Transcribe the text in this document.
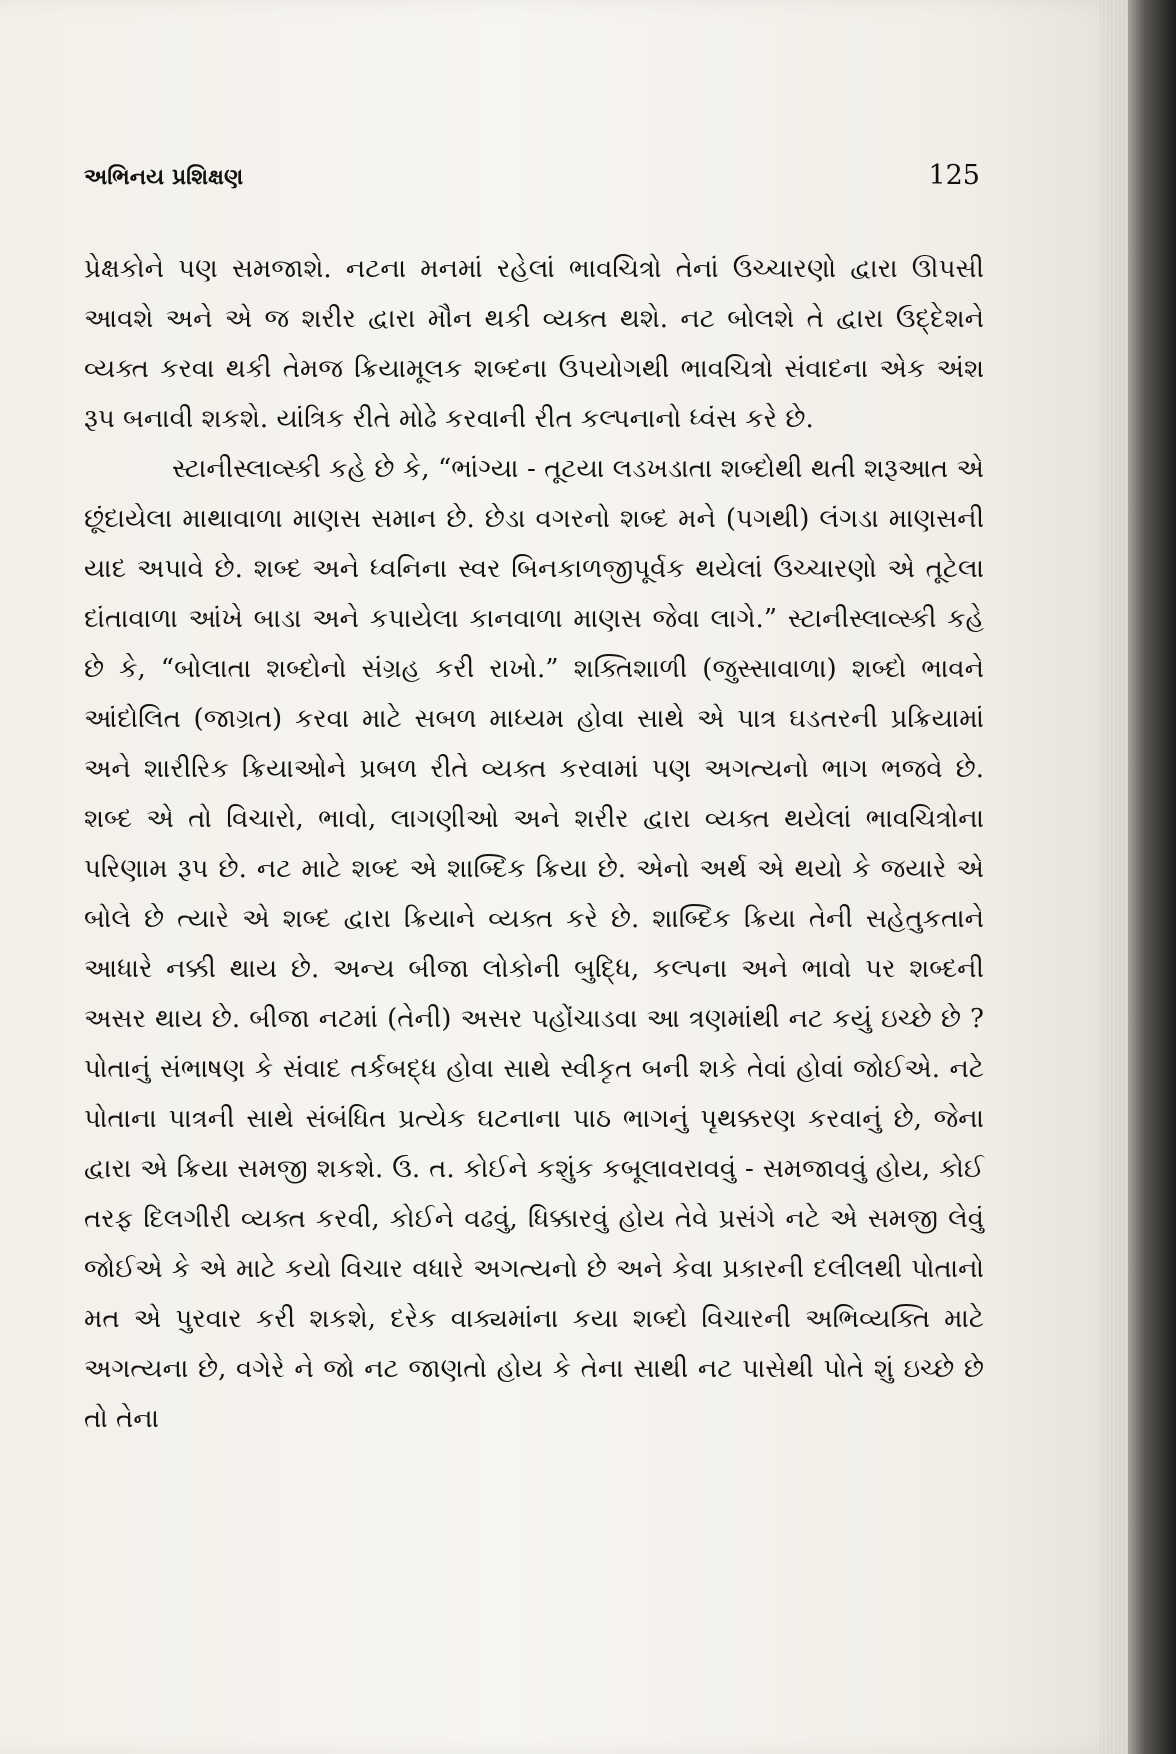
અભિનય પ્રશિક્ષણ	125

પ્રેક્ષકોને પણ સમજાશે. નટના મનમાં રહેલાં ભાવચિત્રો તેનાં ઉચ્ચારણો દ્વારા ઊપસી આવશે અને એ જ શરીર દ્વારા મૌન થકી વ્યક્ત થશે. નટ બોલશે તે દ્વારા ઉદ્દેશને વ્યક્ત કરવા થકી તેમજ ક્રિયામૂલક શબ્દના ઉપયોગથી ભાવચિત્રો સંવાદના એક અંશ રૂપ બનાવી શકશે. યાંત્રિક રીતે મોઢે કરવાની રીત કલ્પનાનો ધ્વંસ કરે છે.

સ્ટાનીસ્લાવ્સ્કી કહે છે કે, “ભાંગ્યા - તૂટયા લડખડાતા શબ્દોથી થતી શરૂઆત એ છૂંદાયેલા માથાવાળા માણસ સમાન છે. છેડા વગરનો શબ્દ મને (પગથી) લંગડા માણસની યાદ અપાવે છે. શબ્દ અને ધ્વનિના સ્વર બિનકાળજીપૂર્વક થયેલાં ઉચ્ચારણો એ તૂટેલા દાંતાવાળા આંખે બાડા અને કપાયેલા કાનવાળા માણસ જેવા લાગે.” સ્ટાનીસ્લાવ્સ્કી કહે છે કે, “બોલાતા શબ્દોનો સંગ્રહ કરી રાખો.” શક્તિશાળી (જુસ્સાવાળા) શબ્દો ભાવને આંદોલિત (જાગ્રત) કરવા માટે સબળ માધ્યમ હોવા સાથે એ પાત્ર ઘડતરની પ્રક્રિયામાં અને શારીરિક ક્રિયાઓને પ્રબળ રીતે વ્યક્ત કરવામાં પણ અગત્યનો ભાગ ભજવે છે. શબ્દ એ તો વિચારો, ભાવો, લાગણીઓ અને શરીર દ્વારા વ્યક્ત થયેલાં ભાવચિત્રોના પરિણામ રૂપ છે. નટ માટે શબ્દ એ શાબ્દિક ક્રિયા છે. એનો અર્થ એ થયો કે જયારે એ બોલે છે ત્યારે એ શબ્દ દ્વારા ક્રિયાને વ્યક્ત કરે છે. શાબ્દિક ક્રિયા તેની સહેતુકતાને આધારે નક્કી થાય છે. અન્ય બીજા લોકોની બુદ્ધિ, કલ્પના અને ભાવો પર શબ્દની અસર થાય છે. બીજા નટમાં (તેની) અસર પહોંચાડવા આ ત્રણમાંથી નટ કયું ઇચ્છે છે ? પોતાનું સંભાષણ કે સંવાદ તર્કબદ્ધ હોવા સાથે સ્વીકૃત બની શકે તેવાં હોવાં જોઈએ. નટે પોતાના પાત્રની સાથે સંબંધિત પ્રત્યેક ઘટનાના પાઠ ભાગનું પૃથક્કરણ કરવાનું છે, જેના દ્વારા એ ક્રિયા સમજી શકશે. ઉ. ત. કોઈને કશુંક કબૂલાવરાવવું - સમજાવવું હોય, કોઈ તરફ દિલગીરી વ્યક્ત કરવી, કોઈને વઢવું, ધિક્કારવું હોય તેવે પ્રસંગે નટે એ સમજી લેવું જોઈએ કે એ માટે કયો વિચાર વધારે અગત્યનો છે અને કેવા પ્રકારની દલીલથી પોતાનો મત એ પુરવાર કરી શકશે, દરેક વાક્યમાંના કયા શબ્દો વિચારની અભિવ્યક્તિ માટે અગત્યના છે, વગેરે ને જો નટ જાણતો હોય કે તેના સાથી નટ પાસેથી પોતે શું ઇચ્છે છે તો તેના
